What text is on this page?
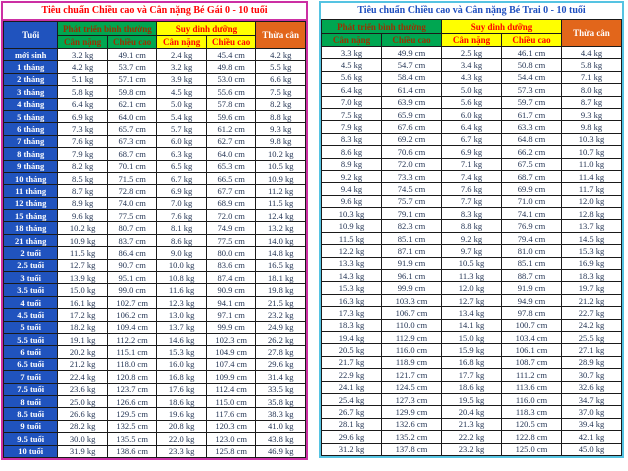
Tiêu chuẩn Chiều cao và Cân nặng Bé Gái 0 - 10 tuổi
Tuổi	Phát triển bình thường		Suy dinh dưỡng		Thừa cân
	Cân nặng	Chiều cao	Cân nặng	Chiều cao	
mới sinh	3.2 kg	49.1 cm	2.4 kg	45.4 cm	4.2 kg
1 tháng	4.2 kg	53.7 cm	3.2 kg	49.8 cm	5.5 kg
2 tháng	5.1 kg	57.1 cm	3.9 kg	53.0 cm	6.6 kg
3 tháng	5.8 kg	59.8 cm	4.5 kg	55.6 cm	7.5 kg
4 tháng	6.4 kg	62.1 cm	5.0 kg	57.8 cm	8.2 kg
5 tháng	6.9 kg	64.0 cm	5.4 kg	59.6 cm	8.8 kg
6 tháng	7.3 kg	65.7 cm	5.7 kg	61.2 cm	9.3 kg
7 tháng	7.6 kg	67.3 cm	6.0 kg	62.7 cm	9.8 kg
8 tháng	7.9 kg	68.7 cm	6.3 kg	64.0 cm	10.2 kg
9 tháng	8.2 kg	70.1 cm	6.5 kg	65.3 cm	10.5 kg
10 tháng	8.5 kg	71.5 cm	6.7 kg	66.5 cm	10.9 kg
11 tháng	8.7 kg	72.8 cm	6.9 kg	67.7 cm	11.2 kg
12 tháng	8.9 kg	74.0 cm	7.0 kg	68.9 cm	11.5 kg
15 tháng	9.6 kg	77.5 cm	7.6 kg	72.0 cm	12.4 kg
18 tháng	10.2 kg	80.7 cm	8.1 kg	74.9 cm	13.2 kg
21 tháng	10.9 kg	83.7 cm	8.6 kg	77.5 cm	14.0 kg
2 tuổi	11.5 kg	86.4 cm	9.0 kg	80.0 cm	14.8 kg
2.5 tuổi	12.7 kg	90.7 cm	10.0 kg	83.6 cm	16.5 kg
3 tuổi	13.9 kg	95.1 cm	10.8 kg	87.4 cm	18.1 kg
3.5 tuổi	15.0 kg	99.0 cm	11.6 kg	90.9 cm	19.8 kg
4 tuổi	16.1 kg	102.7 cm	12.3 kg	94.1 cm	21.5 kg
4.5 tuổi	17.2 kg	106.2 cm	13.0 kg	97.1 cm	23.2 kg
5 tuổi	18.2 kg	109.4 cm	13.7 kg	99.9 cm	24.9 kg
5.5 tuổi	19.1 kg	112.2 cm	14.6 kg	102.3 cm	26.2 kg
6 tuổi	20.2 kg	115.1 cm	15.3 kg	104.9 cm	27.8 kg
6.5 tuổi	21.2 kg	118.0 cm	16.0 kg	107.4 cm	29.6 kg
7 tuổi	22.4 kg	120.8 cm	16.8 kg	109.9 cm	31.4 kg
7.5 tuổi	23.6 kg	123.7 cm	17.6 kg	112.4 cm	33.5 kg
8 tuổi	25.0 kg	126.6 cm	18.6 kg	115.0 cm	35.8 kg
8.5 tuổi	26.6 kg	129.5 cm	19.6 kg	117.6 cm	38.3 kg
9 tuổi	28.2 kg	132.5 cm	20.8 kg	120.3 cm	41.0 kg
9.5 tuổi	30.0 kg	135.5 cm	22.0 kg	123.0 cm	43.8 kg
10 tuổi	31.9 kg	138.6 cm	23.3 kg	125.8 cm	46.9 kg
Tiêu chuẩn Chiều cao và Cân nặng Bé Trai 0 - 10 tuổi
Phát triển bình thường		Suy dinh dưỡng		Thừa cân
Cân nặng	Chiều cao	Cân nặng	Chiều cao	
3.3 kg	49.9 cm	2.5 kg	46.1 cm	4.4 kg
4.5 kg	54.7 cm	3.4 kg	50.8 cm	5.8 kg
5.6 kg	58.4 cm	4.3 kg	54.4 cm	7.1 kg
6.4 kg	61.4 cm	5.0 kg	57.3 cm	8.0 kg
7.0 kg	63.9 cm	5.6 kg	59.7 cm	8.7 kg
7.5 kg	65.9 cm	6.0 kg	61.7 cm	9.3 kg
7.9 kg	67.6 cm	6.4 kg	63.3 cm	9.8 kg
8.3 kg	69.2 cm	6.7 kg	64.8 cm	10.3 kg
8.6 kg	70.6 cm	6.9 kg	66.2 cm	10.7 kg
8.9 kg	72.0 cm	7.1 kg	67.5 cm	11.0 kg
9.2 kg	73.3 cm	7.4 kg	68.7 cm	11.4 kg
9.4 kg	74.5 cm	7.6 kg	69.9 cm	11.7 kg
9.6 kg	75.7 cm	7.7 kg	71.0 cm	12.0 kg
10.3 kg	79.1 cm	8.3 kg	74.1 cm	12.8 kg
10.9 kg	82.3 cm	8.8 kg	76.9 cm	13.7 kg
11.5 kg	85.1 cm	9.2 kg	79.4 cm	14.5 kg
12.2 kg	87.1 cm	9.7 kg	81.0 cm	15.3 kg
13.3 kg	91.9 cm	10.5 kg	85.1 cm	16.9 kg
14.3 kg	96.1 cm	11.3 kg	88.7 cm	18.3 kg
15.3 kg	99.9 cm	12.0 kg	91.9 cm	19.7 kg
16.3 kg	103.3 cm	12.7 kg	94.9 cm	21.2 kg
17.3 kg	106.7 cm	13.4 kg	97.8 cm	22.7 kg
18.3 kg	110.0 cm	14.1 kg	100.7 cm	24.2 kg
19.4 kg	112.9 cm	15.0 kg	103.4 cm	25.5 kg
20.5 kg	116.0 cm	15.9 kg	106.1 cm	27.1 kg
21.7 kg	118.9 cm	16.8 kg	108.7 cm	28.9 kg
22.9 kg	121.7 cm	17.7 kg	111.2 cm	30.7 kg
24.1 kg	124.5 cm	18.6 kg	113.6 cm	32.6 kg
25.4 kg	127.3 cm	19.5 kg	116.0 cm	34.7 kg
26.7 kg	129.9 cm	20.4 kg	118.3 cm	37.0 kg
28.1 kg	132.6 cm	21.3 kg	120.5 cm	39.4 kg
29.6 kg	135.2 cm	22.2 kg	122.8 cm	42.1 kg
31.2 kg	137.8 cm	23.2 kg	125.0 cm	45.0 kg
